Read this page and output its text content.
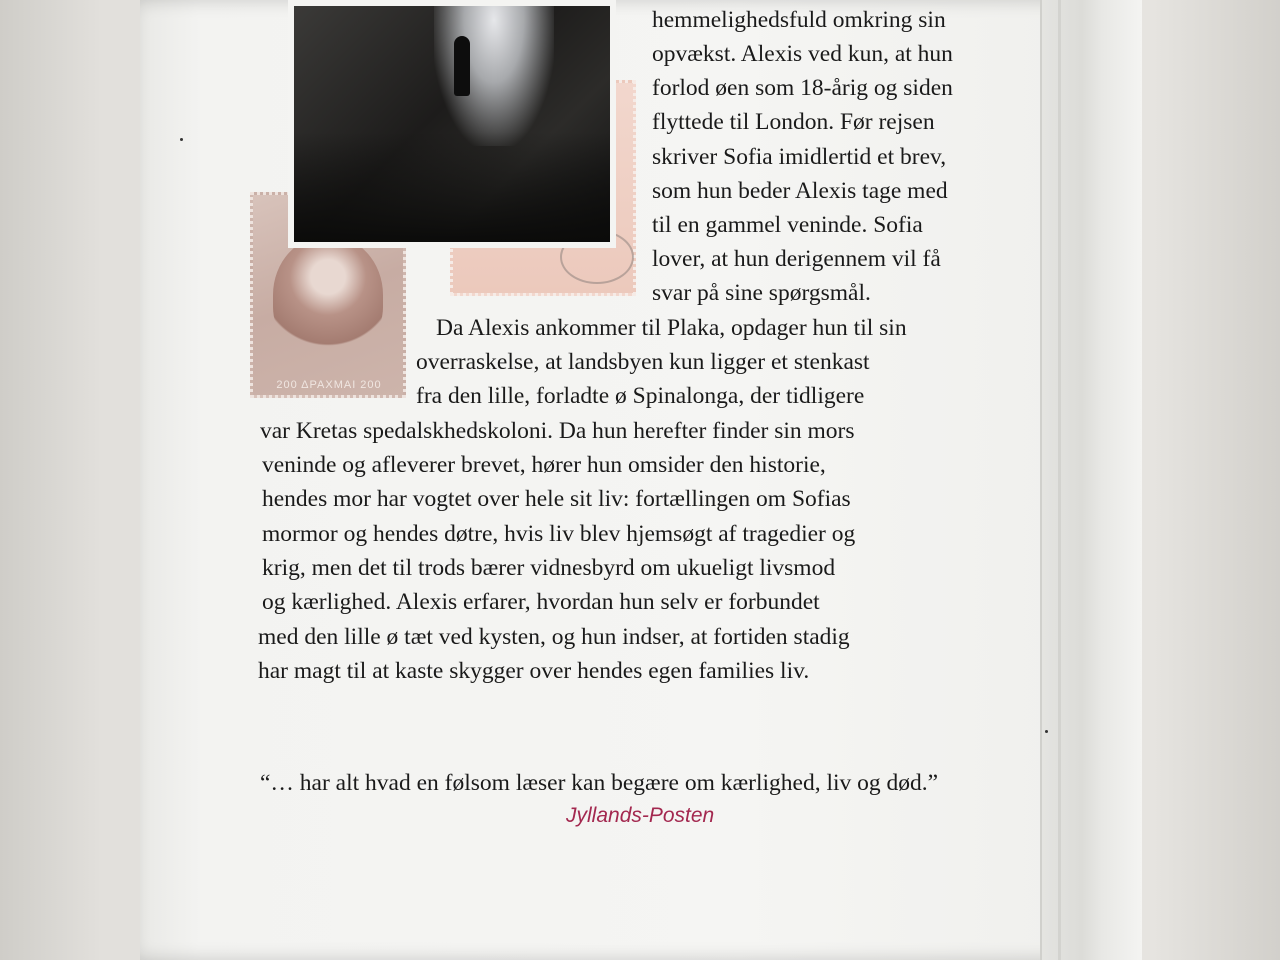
200 ΔΡΑΧΜΑΙ 200
hemmelighedsfuld omkring sin
opvækst. Alexis ved kun, at hun
forlod øen som 18-årig og siden
flyttede til London. Før rejsen
skriver Sofia imidlertid et brev,
som hun beder Alexis tage med
til en gammel veninde. Sofia
lover, at hun derigennem vil få
svar på sine spørgsmål.
Da Alexis ankommer til Plaka, opdager hun til sin
overraskelse, at landsbyen kun ligger et stenkast
fra den lille, forladte ø Spinalonga, der tidligere
var Kretas spedalskhedskoloni. Da hun herefter finder sin mors
veninde og afleverer brevet, hører hun omsider den historie,
hendes mor har vogtet over hele sit liv: fortællingen om Sofias
mormor og hendes døtre, hvis liv blev hjemsøgt af tragedier og
krig, men det til trods bærer vidnesbyrd om ukueligt livsmod
og kærlighed. Alexis erfarer, hvordan hun selv er forbundet
med den lille ø tæt ved kysten, og hun indser, at fortiden stadig
har magt til at kaste skygger over hendes egen families liv.
“… har alt hvad en følsom læser kan begære om kærlighed, liv og død.”
Jyllands-Posten
